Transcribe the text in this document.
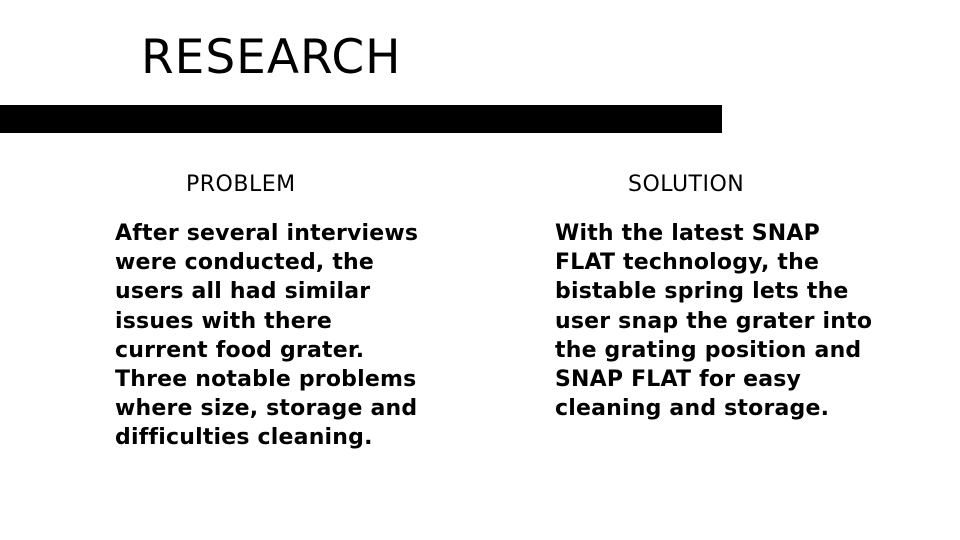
RESEARCH
PROBLEM
After several interviews
were conducted, the
users all had similar
issues with there
current food grater.
Three notable problems
where size, storage and
difficulties cleaning.
SOLUTION
With the latest SNAP
FLAT technology, the
bistable spring lets the
user snap the grater into
the grating position and
SNAP FLAT for easy
cleaning and storage.
